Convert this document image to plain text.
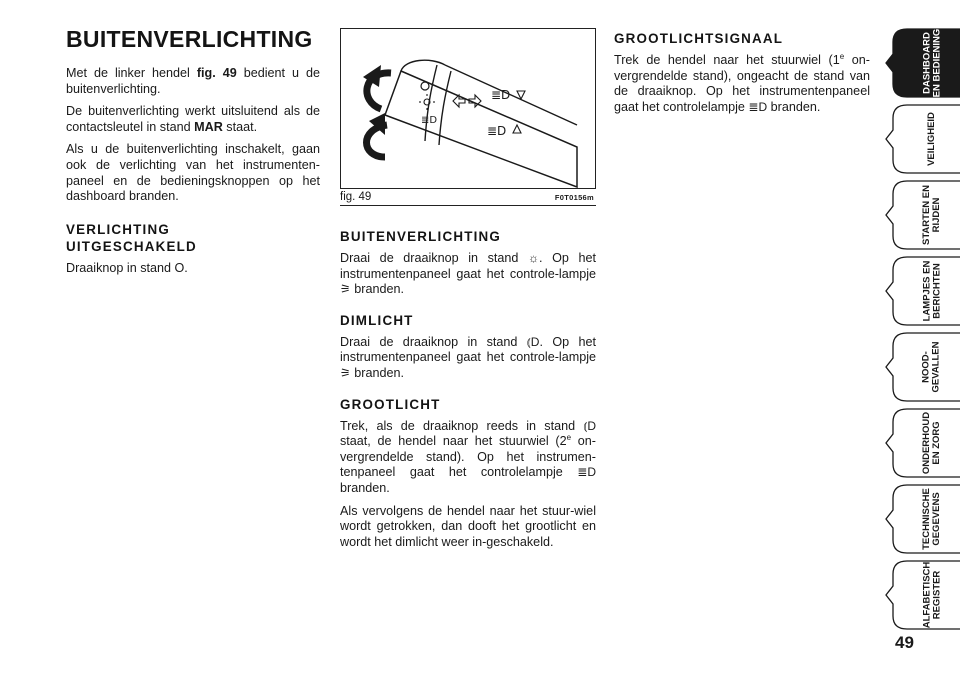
BUITENVERLICHTING

Met de linker hendel fig. 49 bedient u de buitenverlichting.

De buitenverlichting werkt uitsluitend als de contactsleutel in stand MAR staat.

Als u de buitenverlichting inschakelt, gaan ook de verlichting van het instrumenten-paneel en de bedieningsknoppen op het dashboard branden.

VERLICHTING
UITGESCHAKELD

Draaiknop in stand O.

≣D
≣D
≣D
fig. 49	F0T0156m
BUITENVERLICHTING

Draai de draaiknop in stand ☼. Op het instrumentenpaneel gaat het controle-lampje ⚞ branden.

DIMLICHT

Draai de draaiknop in stand ⦅D. Op het instrumentenpaneel gaat het controle-lampje ⚞ branden.

GROOTLICHT

Trek, als de draaiknop reeds in stand ⦅D staat, de hendel naar het stuurwiel (2e on-vergrendelde stand). Op het instrumen-tenpaneel gaat het controlelampje ≣D branden.

Als vervolgens de hendel naar het stuur-wiel wordt getrokken, dan dooft het grootlicht en wordt het dimlicht weer in-geschakeld.

GROOTLICHTSIGNAAL

Trek de hendel naar het stuurwiel (1e on-vergrendelde stand), ongeacht de stand van de draaiknop. Op het instrumentenpaneel gaat het controlelampje ≣D branden.

DASHBOARD
EN BEDIENING
VEILIGHEID
STARTEN EN
RIJDEN
LAMPJES EN
BERICHTEN
NOOD-
GEVALLEN
ONDERHOUD
EN ZORG
TECHNISCHE
GEGEVENS
ALFABETISCH
REGISTER
49
